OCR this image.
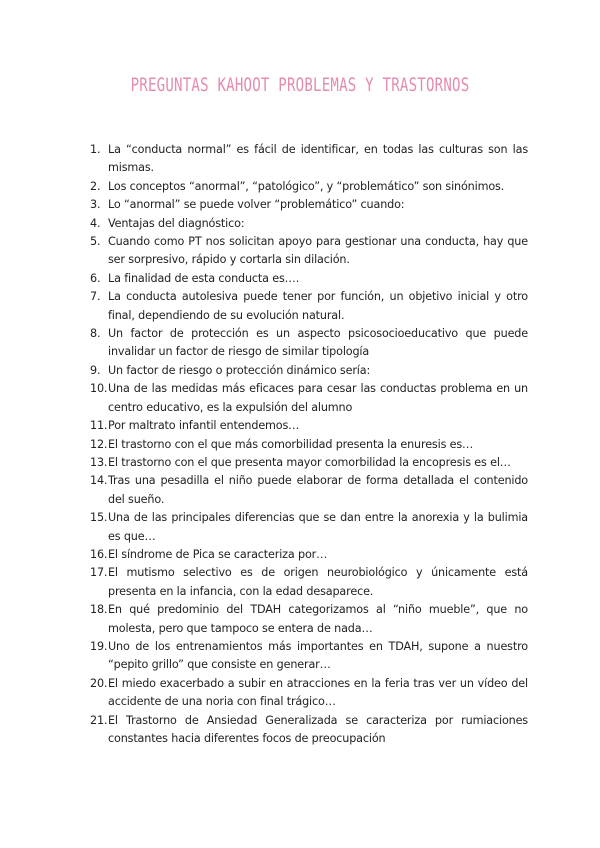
PREGUNTAS KAHOOT PROBLEMAS Y TRASTORNOS
1. La “conducta normal” es fácil de identificar, en todas las culturas son las mismas.
2. Los conceptos “anormal”, “patológico”, y “problemático” son sinónimos.
3. Lo “anormal” se puede volver “problemático” cuando:
4. Ventajas del diagnóstico:
5. Cuando como PT nos solicitan apoyo para gestionar una conducta, hay que ser sorpresivo, rápido y cortarla sin dilación.
6. La finalidad de esta conducta es….
7. La conducta autolesiva puede tener por función, un objetivo inicial y otro final, dependiendo de su evolución natural.
8. Un factor de protección es un aspecto psicosocioeducativo que puede invalidar un factor de riesgo de similar tipología
9. Un factor de riesgo o protección dinámico sería:
10. Una de las medidas más eficaces para cesar las conductas problema en un centro educativo, es la expulsión del alumno
11. Por maltrato infantil entendemos…
12. El trastorno con el que más comorbilidad presenta la enuresis es…
13. El trastorno con el que presenta mayor comorbilidad la encopresis es el…
14. Tras una pesadilla el niño puede elaborar de forma detallada el contenido del sueño.
15. Una de las principales diferencias que se dan entre la anorexia y la bulimia es que…
16. El síndrome de Pica se caracteriza por…
17. El mutismo selectivo es de origen neurobiológico y únicamente está presenta en la infancia, con la edad desaparece.
18. En qué predominio del TDAH categorizamos al “niño mueble”, que no molesta, pero que tampoco se entera de nada…
19. Uno de los entrenamientos más importantes en TDAH, supone a nuestro “pepito grillo” que consiste en generar…
20. El miedo exacerbado a subir en atracciones en la feria tras ver un vídeo del accidente de una noria con final trágico…
21. El Trastorno de Ansiedad Generalizada se caracteriza por rumiaciones constantes hacia diferentes focos de preocupación
